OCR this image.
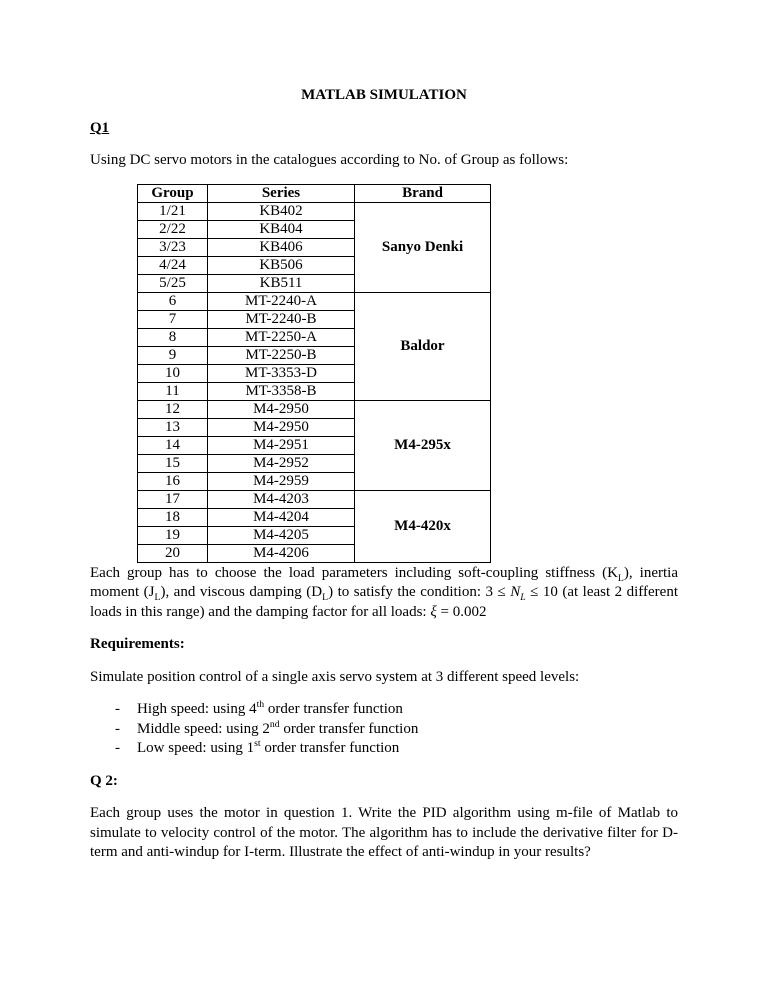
MATLAB SIMULATION
Q1

Using DC servo motors in the catalogues according to No. of Group as follows:

Group	Series	Brand
1/21	KB402	Sanyo Denki
2/22	KB404	
3/23	KB406	
4/24	KB506	
5/25	KB511	
6	MT-2240-A	Baldor
7	MT-2240-B	
8	MT-2250-A	
9	MT-2250-B	
10	MT-3353-D	
11	MT-3358-B	
12	M4-2950	M4-295x
13	M4-2950	
14	M4-2951	
15	M4-2952	
16	M4-2959	
17	M4-4203	M4-420x
18	M4-4204	
19	M4-4205	
20	M4-4206	

Each group has to choose the load parameters including soft-coupling stiffness $(K_L)$, inertia moment $(J_L)$, and viscous damping $(D_L)$ to satisfy the condition: $3 \le N_L \le 10$ (at least 2 different loads in this range) and the damping factor for all loads: ξ = 0.002

Requirements:

Simulate position control of a single axis servo system at 3 different speed levels:

-	High speed: using 4th order transfer function
-	Middle speed: using 2nd order transfer function
-	Low speed: using 1st order transfer function
Q 2:

Each group uses the motor in question 1. Write the PID algorithm using m-file of Matlab to simulate to velocity control of the motor. The algorithm has to include the derivative filter for D-term and anti-windup for I-term. Illustrate the effect of anti-windup in your results?
